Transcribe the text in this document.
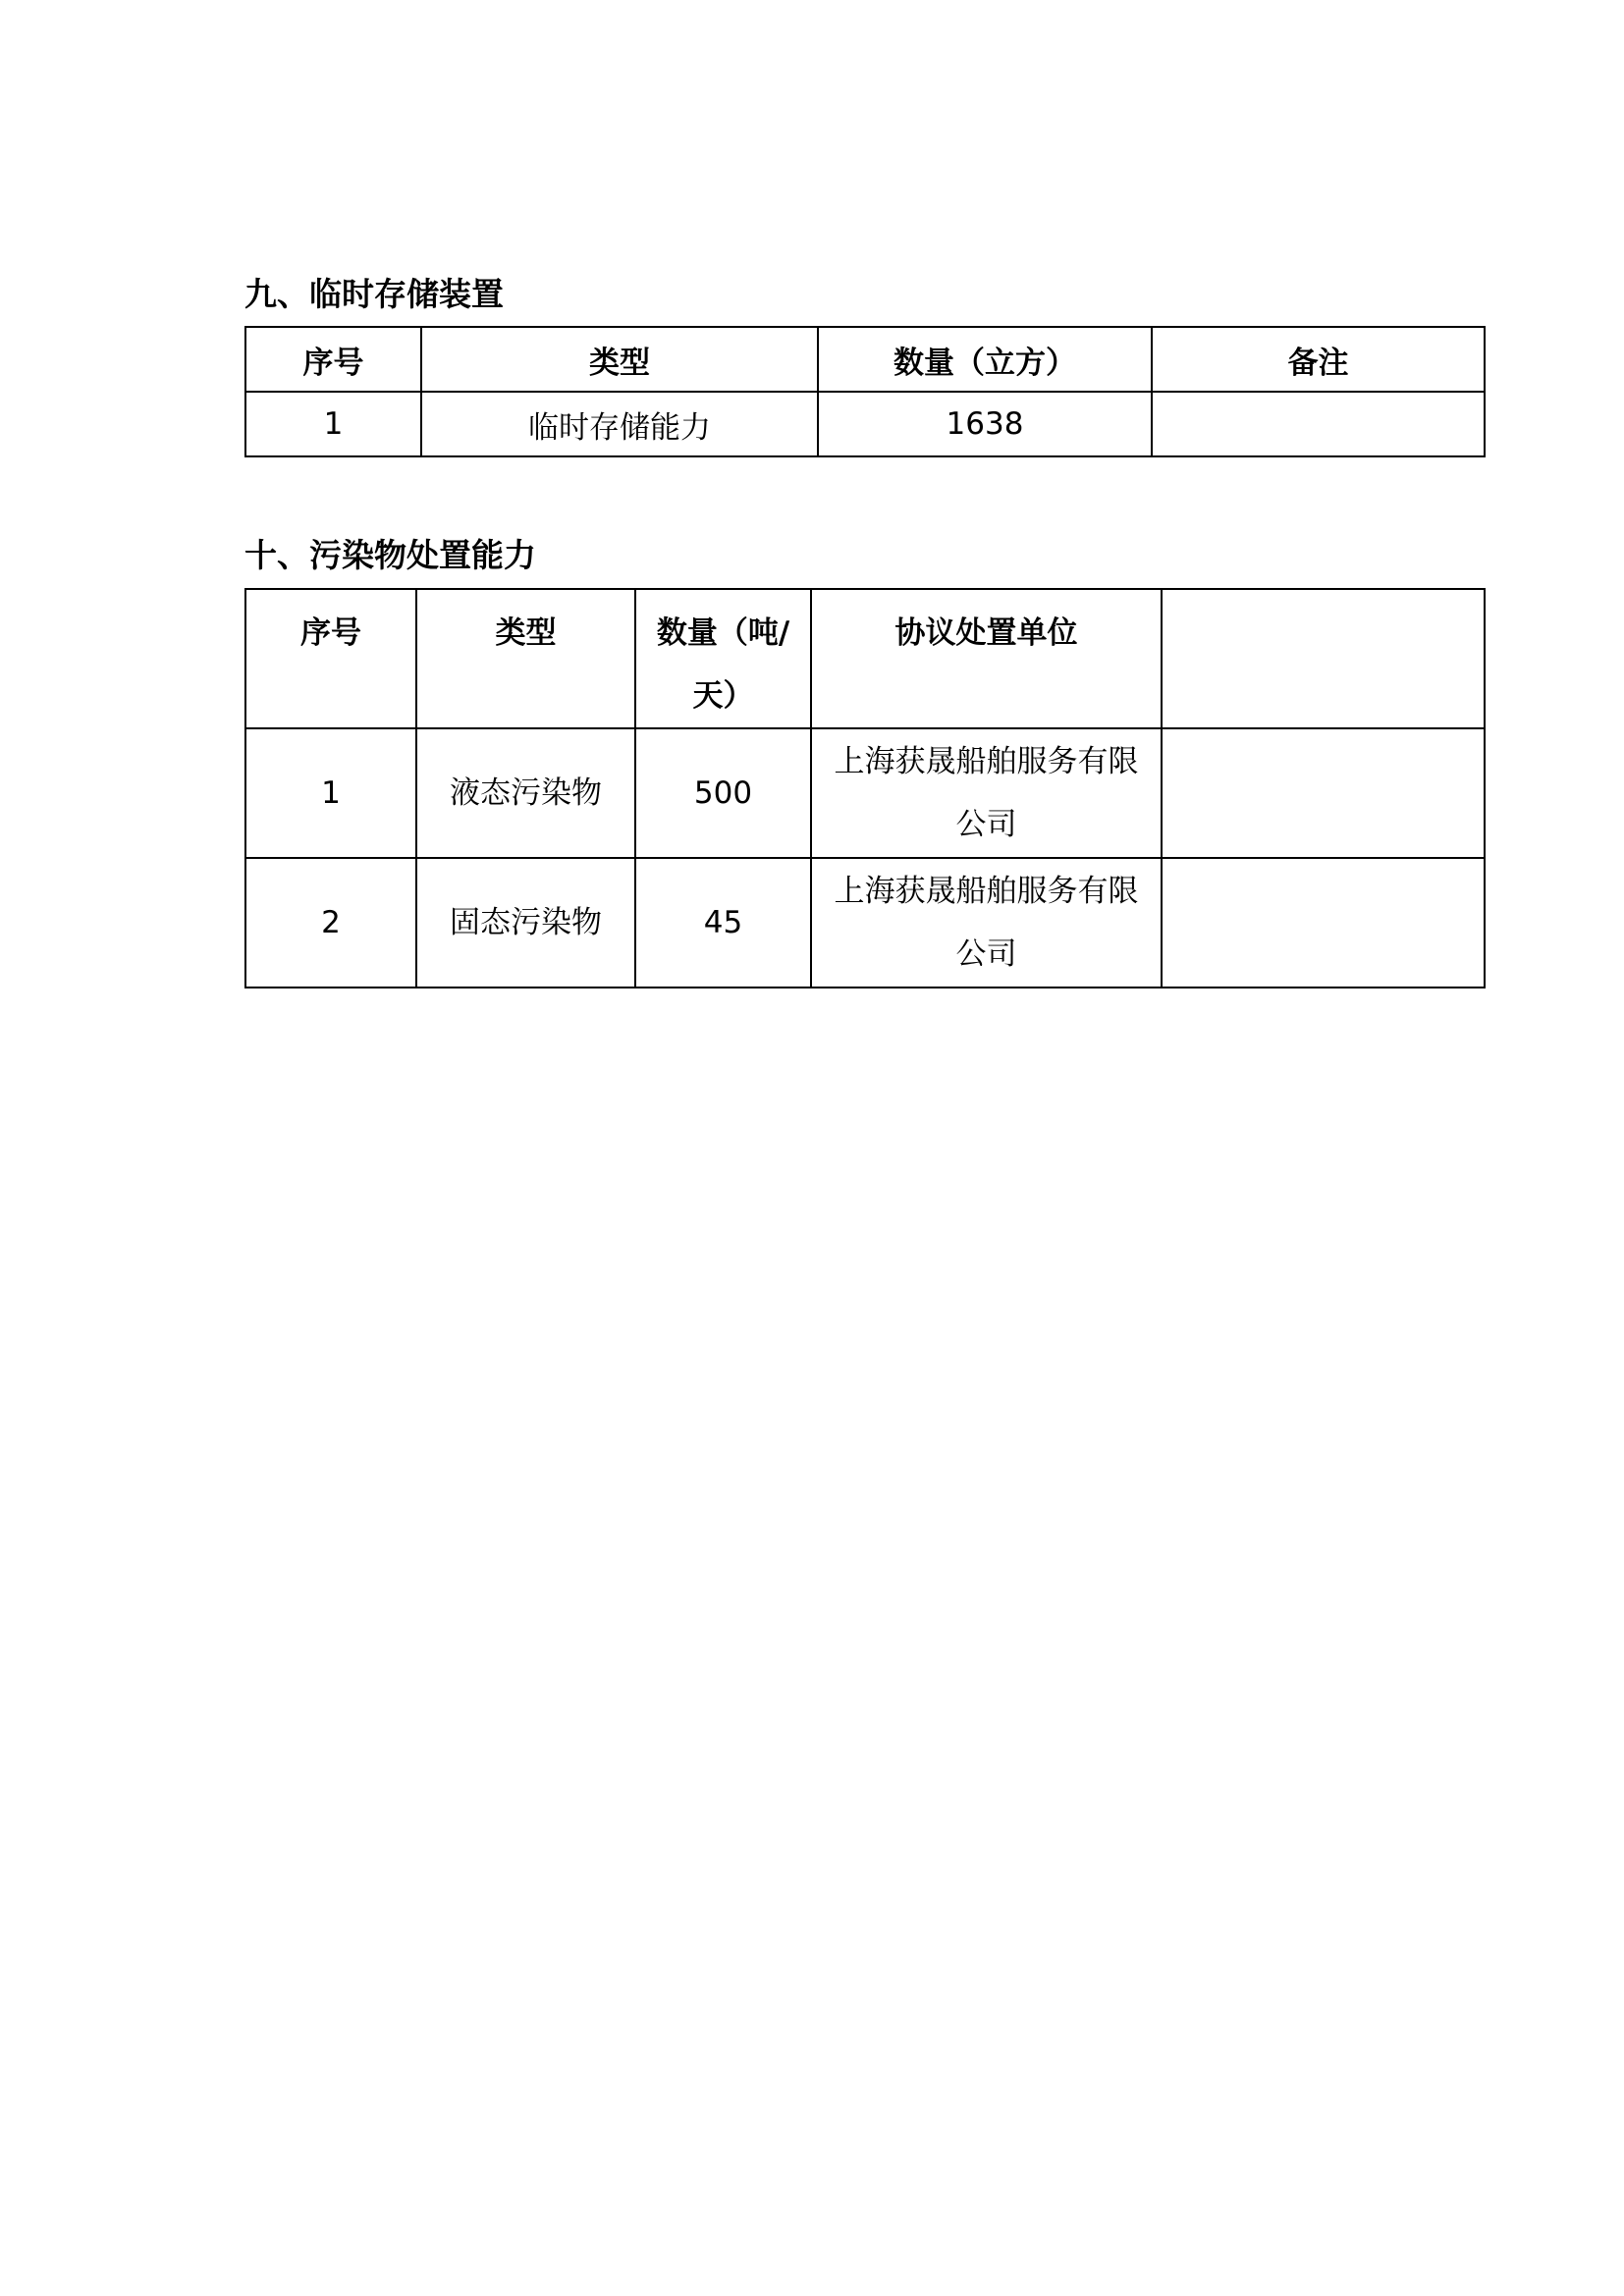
九、临时存储装置
序号	类型	数量（立方）	备注
1	临时存储能力	1638	
十、污染物处置能力
序号	类型	数量（吨/天）	协议处置单位	
1	液态污染物	500	上海获晟船舶服务有限公司	
2	固态污染物	45	上海获晟船舶服务有限公司	
